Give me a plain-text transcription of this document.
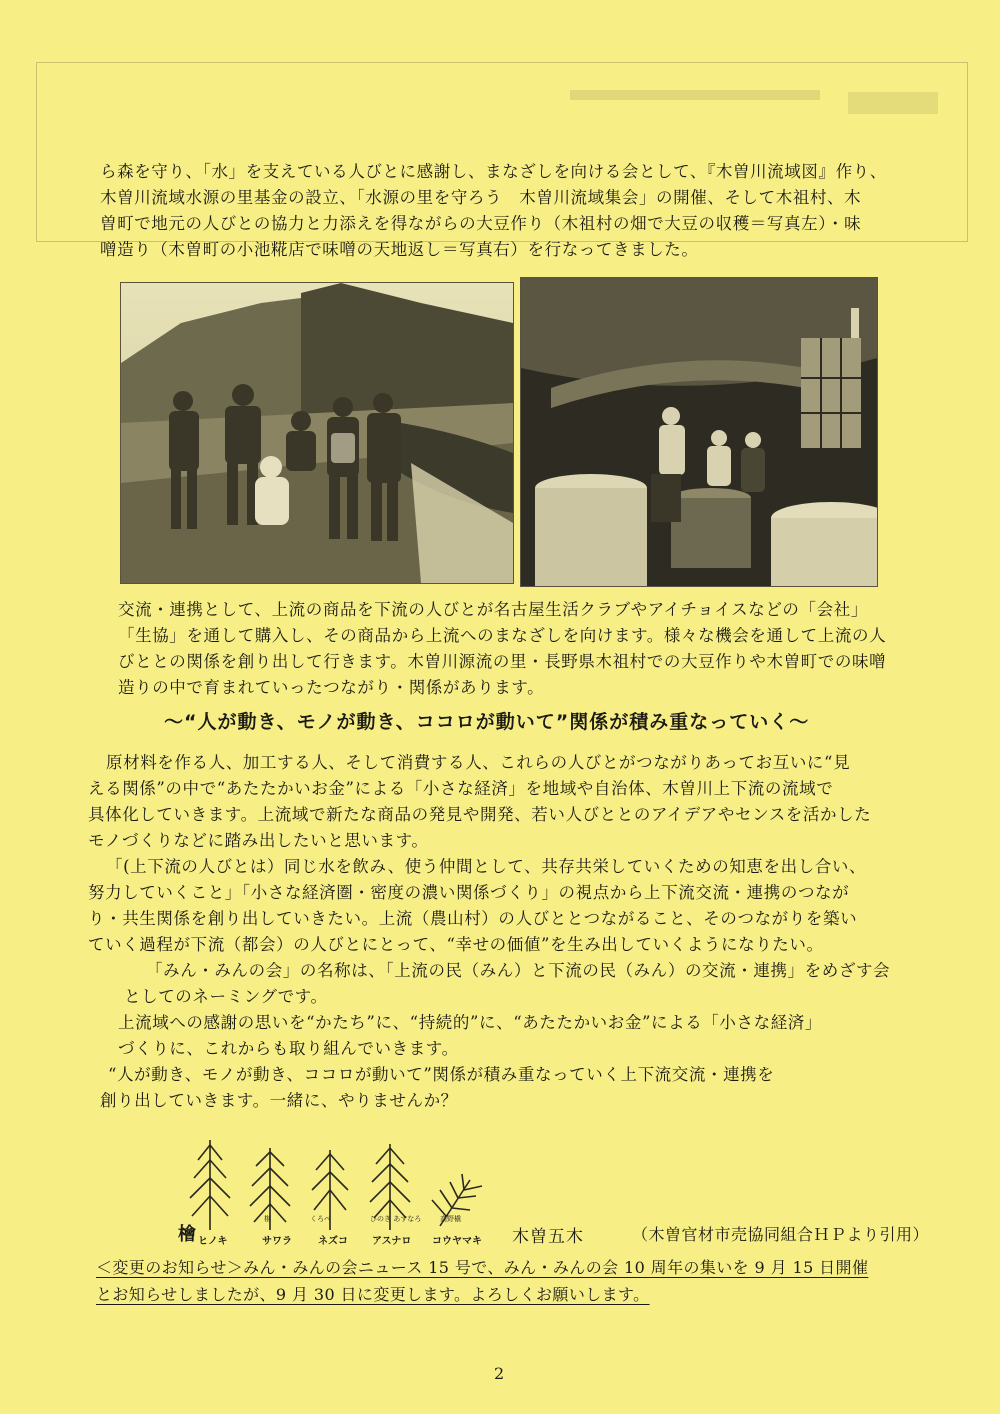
ら森を守り、「水」を支えている人びとに感謝し、まなざしを向ける会として、『木曽川流域図』作り、
木曽川流域水源の里基金の設立、「水源の里を守ろう　木曽川流域集会」の開催、そして木祖村、木
曽町で地元の人びとの協力と力添えを得ながらの大豆作り（木祖村の畑で大豆の収穫＝写真左）・味
噌造り（木曽町の小池糀店で味噌の天地返し＝写真右）を行なってきました。

交流・連携として、上流の商品を下流の人びとが名古屋生活クラブやアイチョイスなどの「会社」
「生協」を通して購入し、その商品から上流へのまなざしを向けます。様々な機会を通して上流の人
びととの関係を創り出して行きます。木曽川源流の里・長野県木祖村での大豆作りや木曽町での味噌
造りの中で育まれていったつながり・関係があります。

～“人が動き、モノが動き、ココロが動いて”関係が積み重なっていく～

原材料を作る人、加工する人、そして消費する人、これらの人びとがつながりあってお互いに“見
える関係”の中で“あたたかいお金”による「小さな経済」を地域や自治体、木曽川上下流の流域で
具体化していきます。上流域で新たな商品の発見や開発、若い人びととのアイデアやセンスを活かした
モノづくりなどに踏み出したいと思います。
「(上下流の人びとは）同じ水を飲み、使う仲間として、共存共栄していくための知恵を出し合い、
努力していくこと」「小さな経済圏・密度の濃い関係づくり」の視点から上下流交流・連携のつなが
り・共生関係を創り出していきたい。上流（農山村）の人びととつながること、そのつながりを築い
ていく過程が下流（都会）の人びとにとって、“幸せの価値”を生み出していくようになりたい。
「みん・みんの会」の名称は、「上流の民（みん）と下流の民（みん）の交流・連携」をめざす会
としてのネーミングです。
上流域への感謝の思いを“かたち”に、“持続的”に、“あたたかいお金”による「小さな経済」
づくりに、これからも取り組んでいきます。
“人が動き、モノが動き、ココロが動いて”関係が積み重なっていく上下流交流・連携を
創り出していきます。一緒に、やりませんか？

檜
椹	くろべ	ひのき あすなろ	高野槇
ヒノキ	サワラ	ネズコ アスナロ コウヤマキ 木曽五木	（木曽官材市売協同組合ＨＰより引用）

＜変更のお知らせ＞みん・みんの会ニュース 15 号で、みん・みんの会 10 周年の集いを 9 月 15 日開催
とお知らせしましたが、9 月 30 日に変更します。よろしくお願いします。

2
